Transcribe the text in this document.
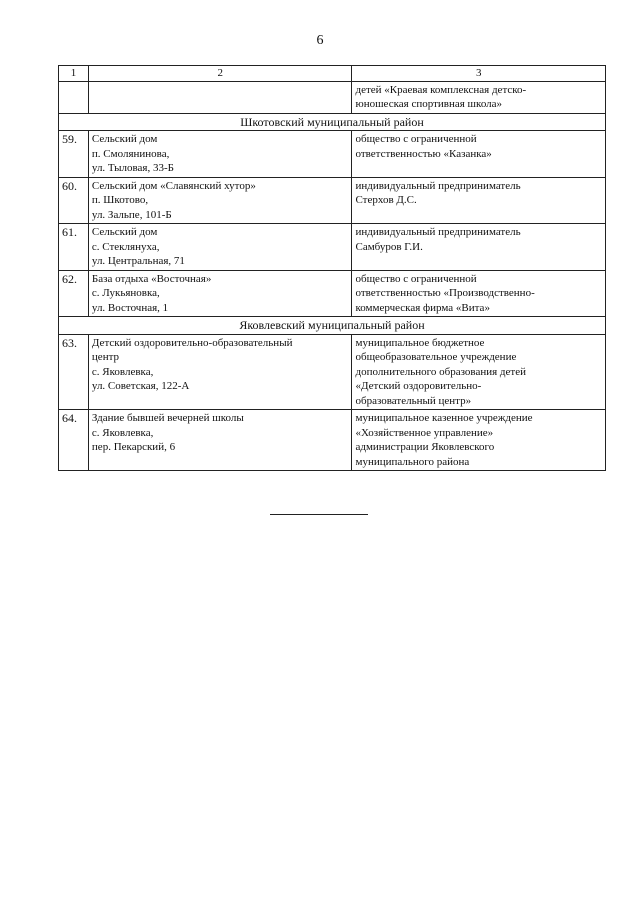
6
1	2	3

		детей «Краевая комплексная детско-
юношеская спортивная школа»

Шкотовский муниципальный район		
59.	Сельский дом
п. Смолянинова,
ул. Тыловая, 33-Б	общество с ограниченной
ответственностью «Казанка»

60.	Сельский дом «Славянский хутор»
п. Шкотово,
ул. Зальпе, 101-Б	индивидуальный предприниматель
Стерхов Д.С.

61.	Сельский дом
с. Стеклянуха,
ул. Центральная, 71	индивидуальный предприниматель
Самбуров Г.И.

62.	База отдыха «Восточная»
с. Лукьяновка,
ул. Восточная, 1	общество с ограниченной
ответственностью «Производственно-
коммерческая фирма «Вита»

Яковлевский муниципальный район		
63.	Детский оздоровительно-образовательный
центр
с. Яковлевка,
ул. Советская, 122-А	муниципальное бюджетное
общеобразовательное учреждение
дополнительного образования детей
«Детский оздоровительно-
образовательный центр»

64.	Здание бывшей вечерней школы
с. Яковлевка,
пер. Пекарский, 6	муниципальное казенное учреждение
«Хозяйственное управление»
администрации Яковлевского
муниципального района
